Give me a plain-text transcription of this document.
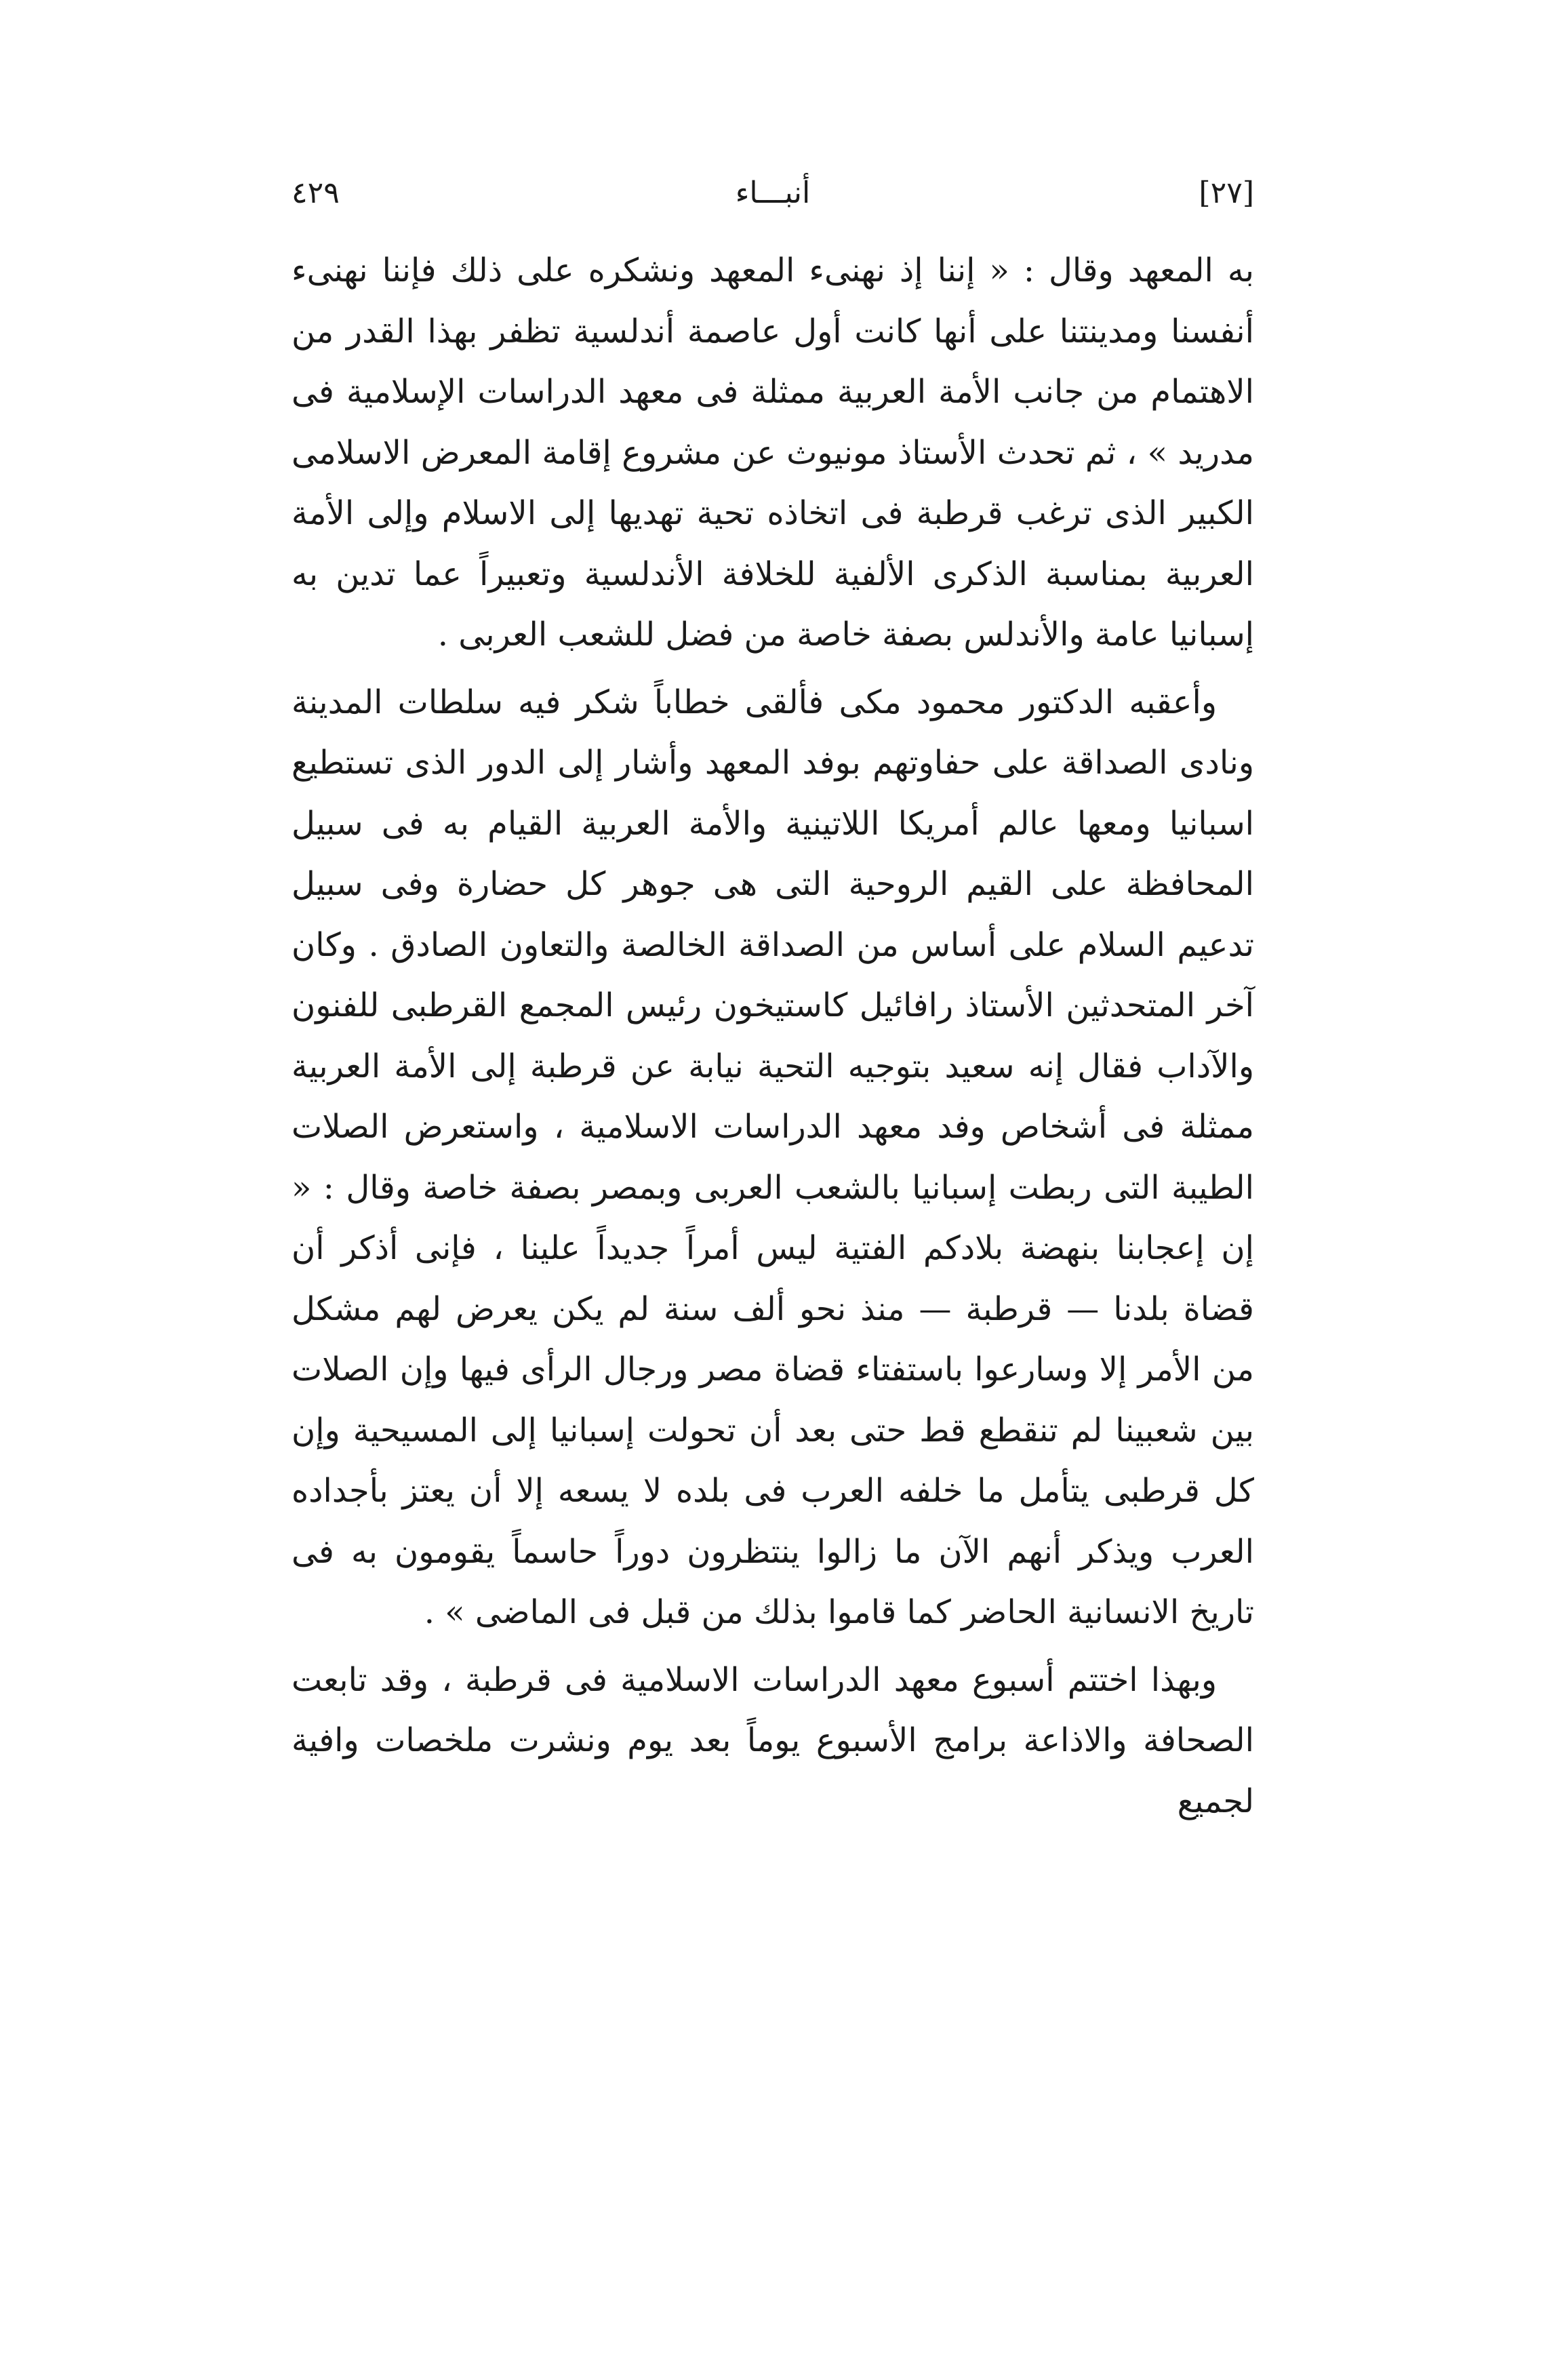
٤٢٩	أنبـــاء	[٢٧]

به المعهد وقال : « إننا إذ نهنىء المعهد ونشكره على ذلك فإننا نهنىء أنفسنا ومدينتنا على أنها كانت أول عاصمة أندلسية تظفر بهذا القدر من الاهتمام من جانب الأمة العربية ممثلة فى معهد الدراسات الإسلامية فى مدريد » ، ثم تحدث الأستاذ مونيوث عن مشروع إقامة المعرض الاسلامى الكبير الذى ترغب قرطبة فى اتخاذه تحية تهديها إلى الاسلام وإلى الأمة العربية بمناسبة الذكرى الألفية للخلافة الأندلسية وتعبيراً عما تدين به إسبانيا عامة والأندلس بصفة خاصة من فضل للشعب العربى .

وأعقبه الدكتور محمود مكى فألقى خطاباً شكر فيه سلطات المدينة ونادى الصداقة على حفاوتهم بوفد المعهد وأشار إلى الدور الذى تستطيع اسبانيا ومعها عالم أمريكا اللاتينية والأمة العربية القيام به فى سبيل المحافظة على القيم الروحية التى هى جوهر كل حضارة وفى سبيل تدعيم السلام على أساس من الصداقة الخالصة والتعاون الصادق . وكان آخر المتحدثين الأستاذ رافائيل كاستيخون رئيس المجمع القرطبى للفنون والآداب فقال إنه سعيد بتوجيه التحية نيابة عن قرطبة إلى الأمة العربية ممثلة فى أشخاص وفد معهد الدراسات الاسلامية ، واستعرض الصلات الطيبة التى ربطت إسبانيا بالشعب العربى وبمصر بصفة خاصة وقال : « إن إعجابنا بنهضة بلادكم الفتية ليس أمراً جديداً علينا ، فإنى أذكر أن قضاة بلدنا — قرطبة — منذ نحو ألف سنة لم يكن يعرض لهم مشكل من الأمر إلا وسارعوا باستفتاء قضاة مصر ورجال الرأى فيها وإن الصلات بين شعبينا لم تنقطع قط حتى بعد أن تحولت إسبانيا إلى المسيحية وإن كل قرطبى يتأمل ما خلفه العرب فى بلده لا يسعه إلا أن يعتز بأجداده العرب ويذكر أنهم الآن ما زالوا ينتظرون دوراً حاسماً يقومون به فى تاريخ الانسانية الحاضر كما قاموا بذلك من قبل فى الماضى » .

وبهذا اختتم أسبوع معهد الدراسات الاسلامية فى قرطبة ، وقد تابعت الصحافة والاذاعة برامج الأسبوع يوماً بعد يوم ونشرت ملخصات وافية لجميع
